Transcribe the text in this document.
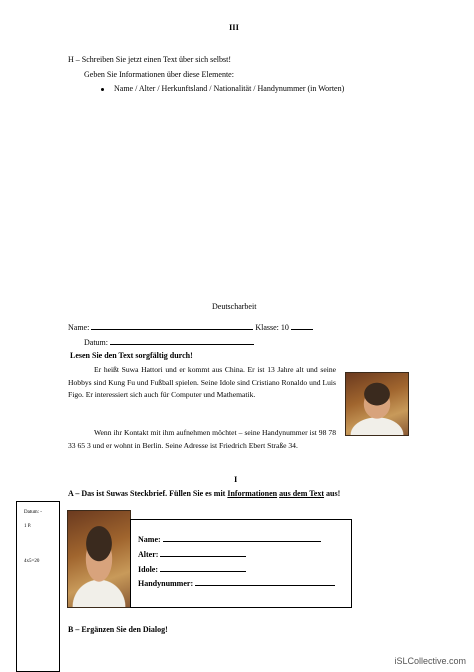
III
H – Schreiben Sie jetzt einen Text über sich selbst!
Geben Sie Informationen über diese Elemente:
Name / Alter / Herkunftsland / Nationalität / Handynummer (in Worten)
Deutscharbeit
Name:	Klasse: 10
Datum:
Lesen Sie den Text sorgfältig durch!
Er heißt Suwa Hattori und er kommt aus China. Er ist 13 Jahre alt und seine Hobbys sind Kung Fu und Fußball spielen. Seine Idole sind Cristiano Ronaldo und Luis Figo. Er interessiert sich auch für Computer und Mathematik.
Wenn ihr Kontakt mit ihm aufnehmen möchtet – seine Handynummer ist 98 78 33 65 3 und er wohnt in Berlin. Seine Adresse ist Friedrich Ebert Straße 34.
I
A – Das ist Suwas Steckbrief. Füllen Sie es mit Informationen aus dem Text aus!
Datum: -
1 P.
4x5=20
Name:
Alter:
Idole:
Handynummer:
B – Ergänzen Sie den Dialog!
iSLCollective.com
